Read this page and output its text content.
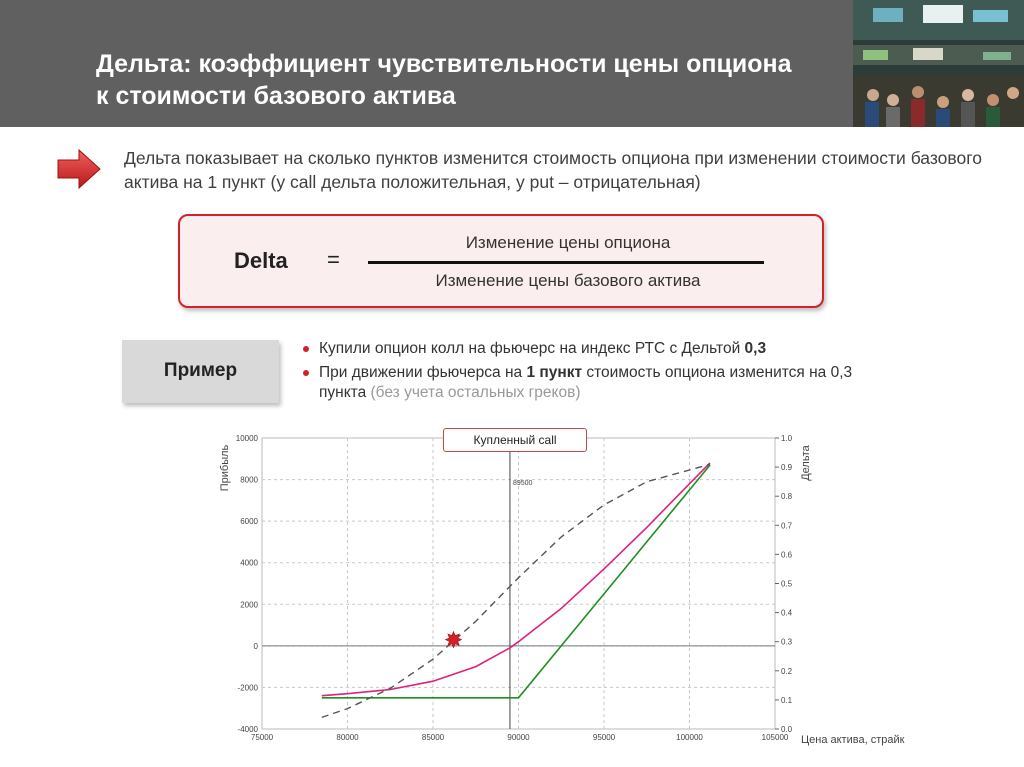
Дельта: коэффициент чувствительности цены опциона к стоимости базового актива
Дельта показывает на сколько пунктов изменится стоимость опциона при изменении стоимости базового актива на 1 пункт (у call дельта положительная, у put – отрицательная)
Delta =
Изменение цены опциона
Изменение цены базового актива
Пример
Купили опцион колл на фьючерс на индекс РТС с Дельтой 0,3
При движении фьючерса на 1 пункт стоимость опциона изменится на 0,3 пункта (без учета остальных греков)
-4000
-2000
0
2000
4000
6000
8000
10000
75000	80000	85000	90000	95000	100000	105000
0.0
0.1
0.2
0.3
0.4
0.5
0.6
0.7
0.8
0.9
1.0
89500
Прибыль	Дельта
Цена актива, страйк
Купленный call
